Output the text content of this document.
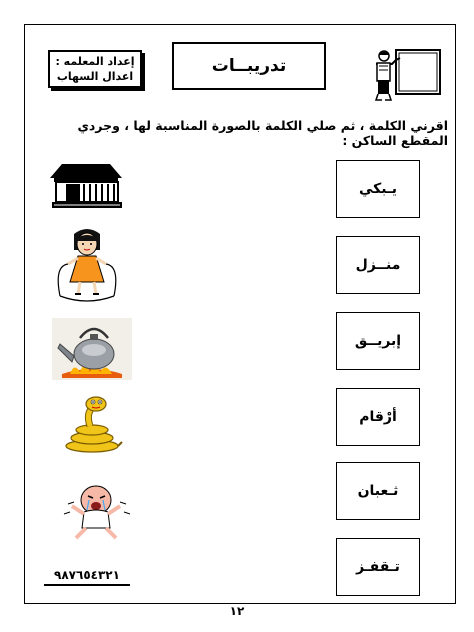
إعداد المعلمه :
اعدال السهاب
تدريبــات
اقرني الكلمة ، ثم صلي الكلمة بالصورة المناسبة لها ، وجردي المقطع الساكن :
يـبكي
منــزل
إبريــق
أرْقام
ثـعبان
تـقفـز
٩٨٧٦٥٤٣٢١
١٢
